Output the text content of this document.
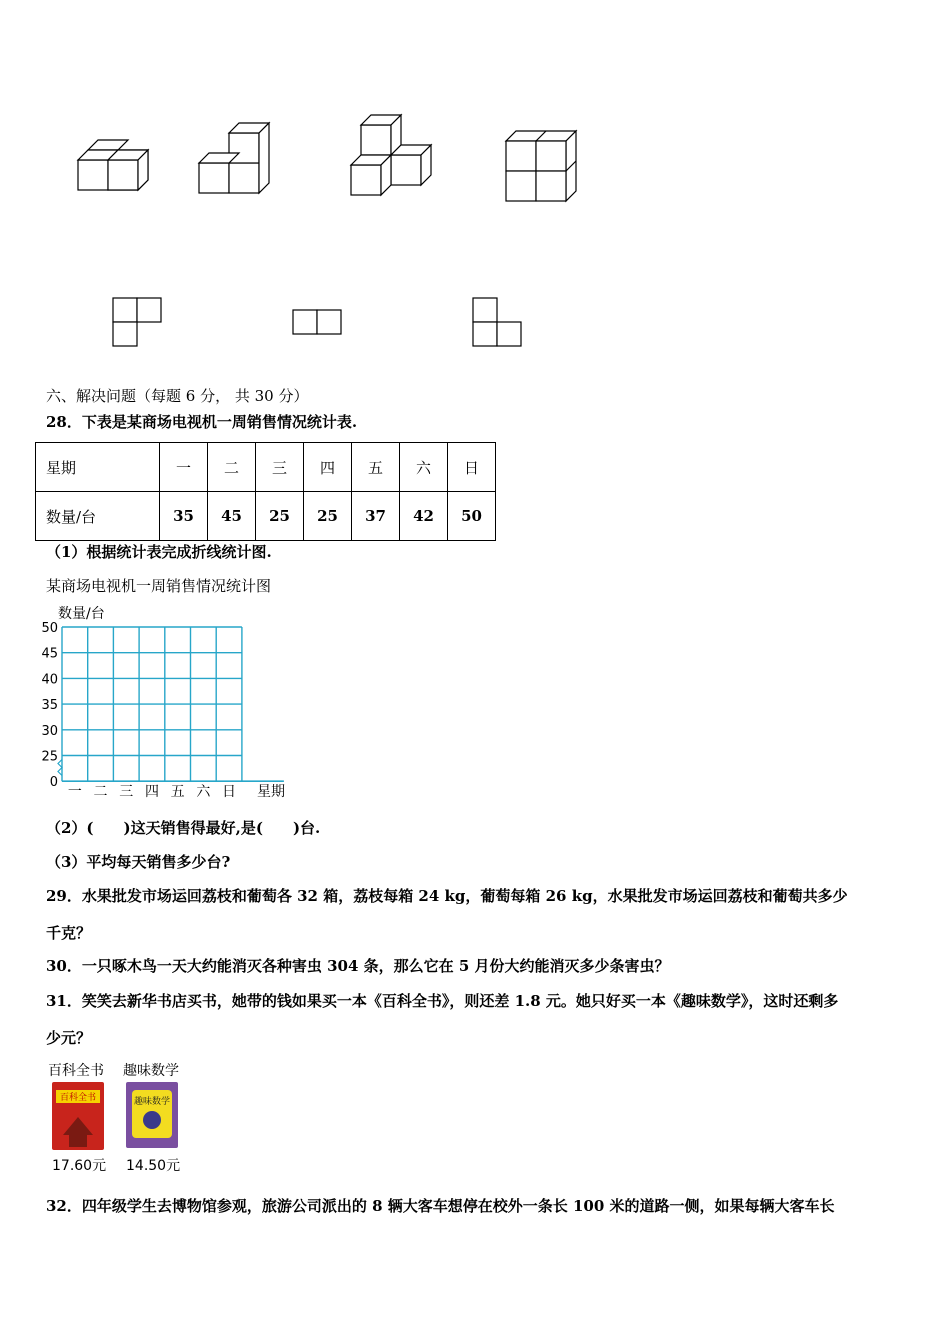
六、解决问题（每题 6 分， 共 30 分）
28．下表是某商场电视机一周销售情况统计表.
星期	一	二	三	四	五	六	日
数量/台	35	45	25	25	37	42	50
（1）根据统计表完成折线统计图.
某商场电视机一周销售情况统计图
数量/台
50
45
40
35
30
25
0
一 二 三 四 五 六 日 星期
（2）(　　)这天销售得最好,是(　　)台.
（3）平均每天销售多少台?
29．水果批发市场运回荔枝和葡萄各 32 箱，荔枝每箱 24 kg，葡萄每箱 26 kg，水果批发市场运回荔枝和葡萄共多少
千克？
30．一只啄木鸟一天大约能消灭各种害虫 304 条，那么它在 5 月份大约能消灭多少条害虫？
31．笑笑去新华书店买书，她带的钱如果买一本《百科全书》，则还差 1.8 元。她只好买一本《趣味数学》，这时还剩多
少元？
百科全书
百科全书
17.60元
趣味数学
趣味数学
14.50元
32．四年级学生去博物馆参观，旅游公司派出的 8 辆大客车想停在校外一条长 100 米的道路一侧，如果每辆大客车长
